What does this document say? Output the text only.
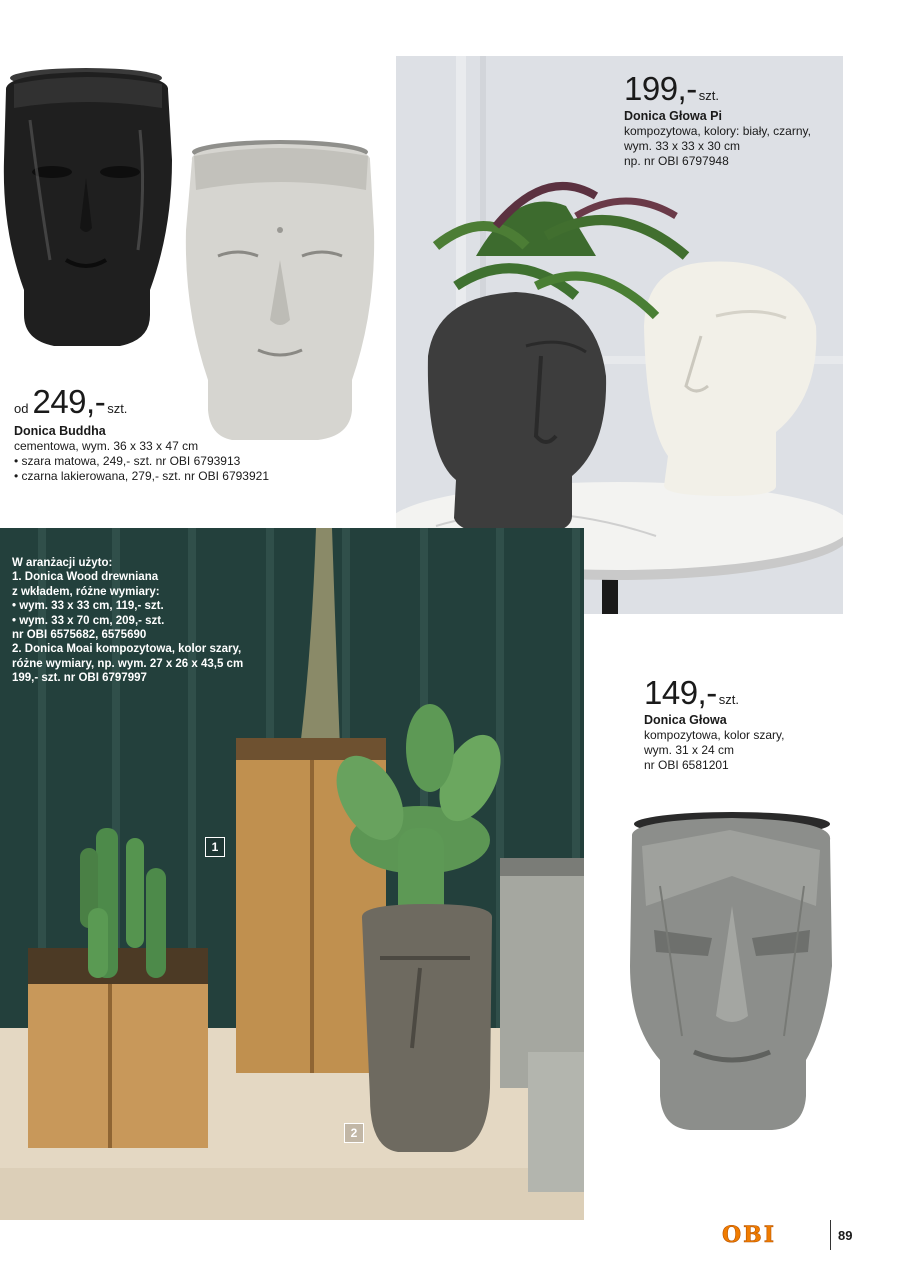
od 249,- szt.
Donica Buddha
cementowa, wym. 36 x 33 x 47 cm
• szara matowa, 249,- szt. nr OBI 6793913
• czarna lakierowana, 279,- szt. nr OBI 6793921
199,- szt.
Donica Głowa Pi
kompozytowa, kolory: biały, czarny,
wym. 33 x 33 x 30 cm
np. nr OBI 6797948
W aranżacji użyto:
1. Donica Wood drewniana
z wkładem, różne wymiary:
• wym. 33 x 33 cm, 119,- szt.
• wym. 33 x 70 cm, 209,- szt.
nr OBI 6575682, 6575690
2. Donica Moai kompozytowa, kolor szary,
różne wymiary, np. wym. 27 x 26 x 43,5 cm
199,- szt. nr OBI 6797997
1
2
149,- szt.
Donica Głowa
kompozytowa, kolor szary,
wym. 31 x 24 cm
nr OBI 6581201
OBI	89
